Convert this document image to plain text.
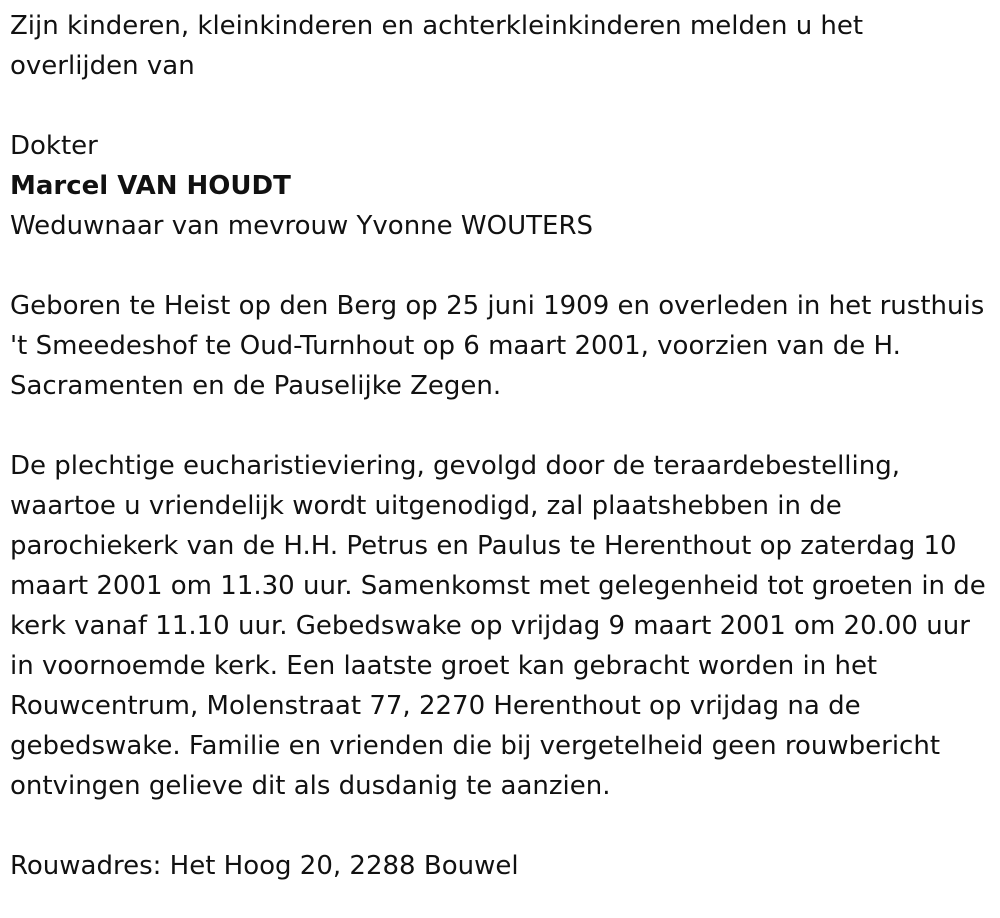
Zijn kinderen, kleinkinderen en achterkleinkinderen melden u het overlijden van

Dokter

Marcel VAN HOUDT

Weduwnaar van mevrouw Yvonne WOUTERS

Geboren te Heist op den Berg op 25 juni 1909 en overleden in het rusthuis 't Smeedeshof te Oud-Turnhout op 6 maart 2001, voorzien van de H. Sacramenten en de Pauselijke Zegen.

De plechtige eucharistieviering, gevolgd door de teraardebestelling, waartoe u vriendelijk wordt uitgenodigd, zal plaatshebben in de parochiekerk van de H.H. Petrus en Paulus te Herenthout op zaterdag 10 maart 2001 om 11.30 uur. Samenkomst met gelegenheid tot groeten in de kerk vanaf 11.10 uur. Gebedswake op vrijdag 9 maart 2001 om 20.00 uur in voornoemde kerk. Een laatste groet kan gebracht worden in het Rouwcentrum, Molenstraat 77, 2270 Herenthout op vrijdag na de gebedswake. Familie en vrienden die bij vergetelheid geen rouwbericht ontvingen gelieve dit als dusdanig te aanzien.

Rouwadres: Het Hoog 20, 2288 Bouwel
